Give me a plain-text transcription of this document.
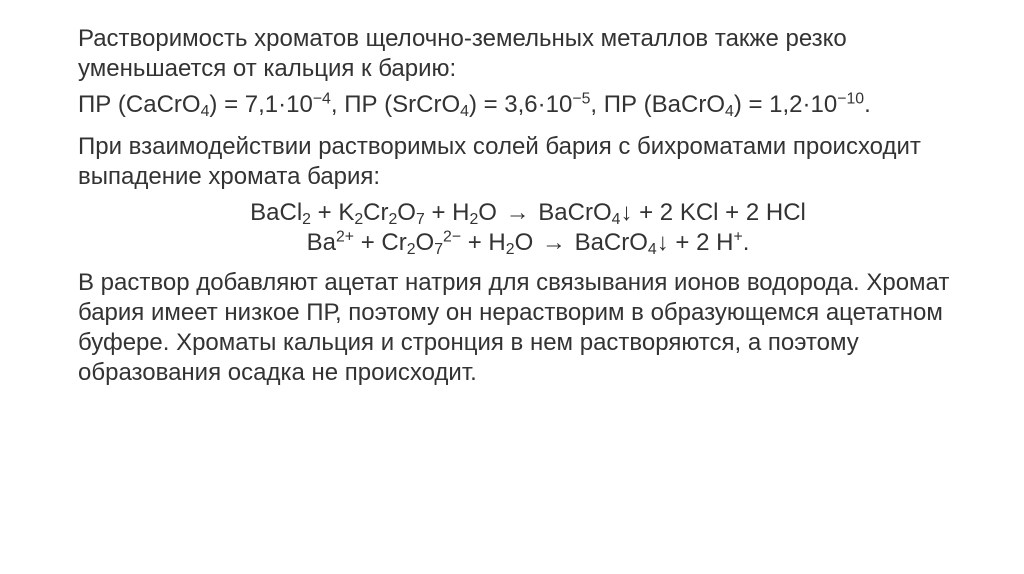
Растворимость хроматов щелочно-земельных металлов также резко уменьшается от кальция к барию:

ПР (CaCrO$_4$) = $7,1\cdot 10^{-4}$, ПР (SrCrO$_4$) = $3,6\cdot 10^{-5}$, ПР (BaCrO$_4$) = $1,2\cdot 10^{-10}$.

При взаимодействии растворимых солей бария с бихроматами происходит выпадение хромата бария:

BaCl$_2$ + $K_2Cr_2O_7 + H_2O$ → BaCrO$_4$↓ + 2 KCl + 2 HCl

$Ba^{2+} + Cr_2O_7^{2-} + H_2O$ → BaCrO$_4$↓ + 2 H+.

В раствор добавляют ацетат натрия для связывания ионов водорода. Хромат бария имеет низкое ПР, поэтому он нерастворим в образующемся ацетатном буфере. Хроматы кальция и стронция в нем растворяются, а поэтому образования осадка не происходит.
